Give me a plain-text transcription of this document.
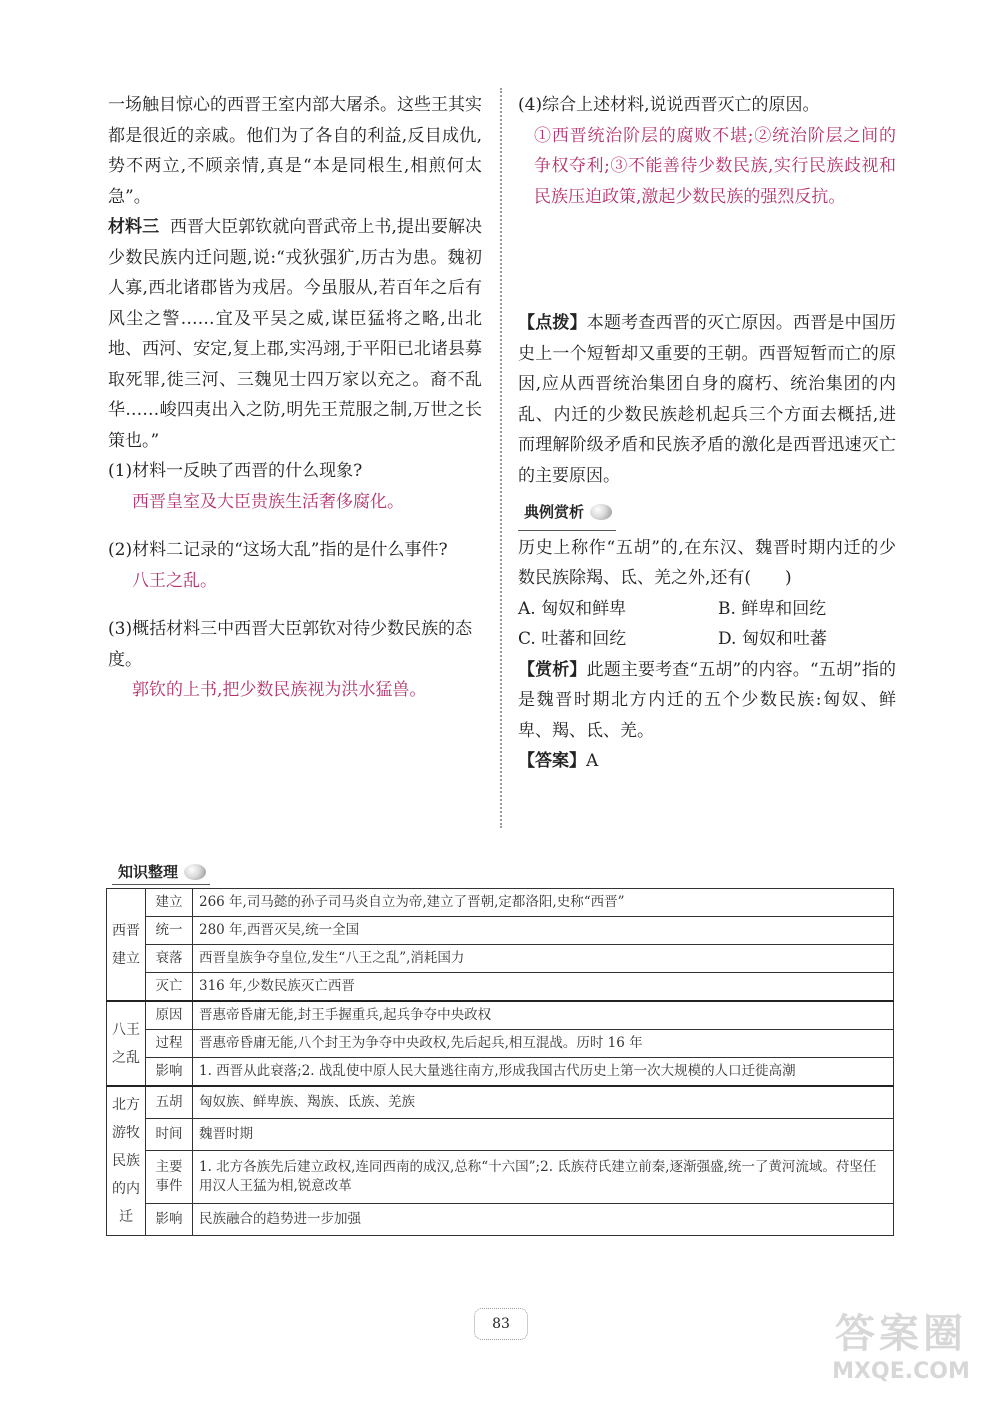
一场触目惊心的西晋王室内部大屠杀。这些王其实都是很近的亲戚。他们为了各自的利益,反目成仇,势不两立,不顾亲情,真是“本是同根生,相煎何太急”。

材料三 西晋大臣郭钦就向晋武帝上书,提出要解决少数民族内迁问题,说:“戎狄强犷,历古为患。魏初人寡,西北诸郡皆为戎居。今虽服从,若百年之后有风尘之警……宜及平吴之威,谋臣猛将之略,出北地、西河、安定,复上郡,实冯翊,于平阳已北诸县募取死罪,徙三河、三魏见士四万家以充之。裔不乱华……峻四夷出入之防,明先王荒服之制,万世之长策也。”

(1)材料一反映了西晋的什么现象?

西晋皇室及大臣贵族生活奢侈腐化。

(2)材料二记录的“这场大乱”指的是什么事件?

八王之乱。

(3)概括材料三中西晋大臣郭钦对待少数民族的态度。

郭钦的上书,把少数民族视为洪水猛兽。

(4)综合上述材料,说说西晋灭亡的原因。

①西晋统治阶层的腐败不堪;②统治阶层之间的争权夺利;③不能善待少数民族,实行民族歧视和民族压迫政策,激起少数民族的强烈反抗。

【点拨】本题考查西晋的灭亡原因。西晋是中国历史上一个短暂却又重要的王朝。西晋短暂而亡的原因,应从西晋统治集团自身的腐朽、统治集团的内乱、内迁的少数民族趁机起兵三个方面去概括,进而理解阶级矛盾和民族矛盾的激化是西晋迅速灭亡的主要原因。

典例赏析

历史上称作“五胡”的,在东汉、魏晋时期内迁的少数民族除羯、氐、羌之外,还有(　　)

A. 匈奴和鲜卑	B. 鲜卑和回纥
C. 吐蕃和回纥	D. 匈奴和吐蕃

【赏析】此题主要考查“五胡”的内容。“五胡”指的是魏晋时期北方内迁的五个少数民族:匈奴、鲜卑、羯、氐、羌。

【答案】A

知识整理
西晋建立	建立	266 年,司马懿的孙子司马炎自立为帝,建立了晋朝,定都洛阳,史称“西晋”
	统一	280 年,西晋灭吴,统一全国
	衰落	西晋皇族争夺皇位,发生“八王之乱”,消耗国力
	灭亡	316 年,少数民族灭亡西晋
八王之乱	原因	晋惠帝昏庸无能,封王手握重兵,起兵争夺中央政权
	过程	晋惠帝昏庸无能,八个封王为争夺中央政权,先后起兵,相互混战。历时 16 年
	影响	1. 西晋从此衰落;2. 战乱使中原人民大量逃往南方,形成我国古代历史上第一次大规模的人口迁徙高潮
北方游牧民族的内迁	五胡	匈奴族、鲜卑族、羯族、氐族、羌族
	时间	魏晋时期
	主要事件	1. 北方各族先后建立政权,连同西南的成汉,总称“十六国”;2. 氐族苻氏建立前秦,逐渐强盛,统一了黄河流域。苻坚任用汉人王猛为相,锐意改革
	影响	民族融合的趋势进一步加强
83	答案圈
MXQE.COM
